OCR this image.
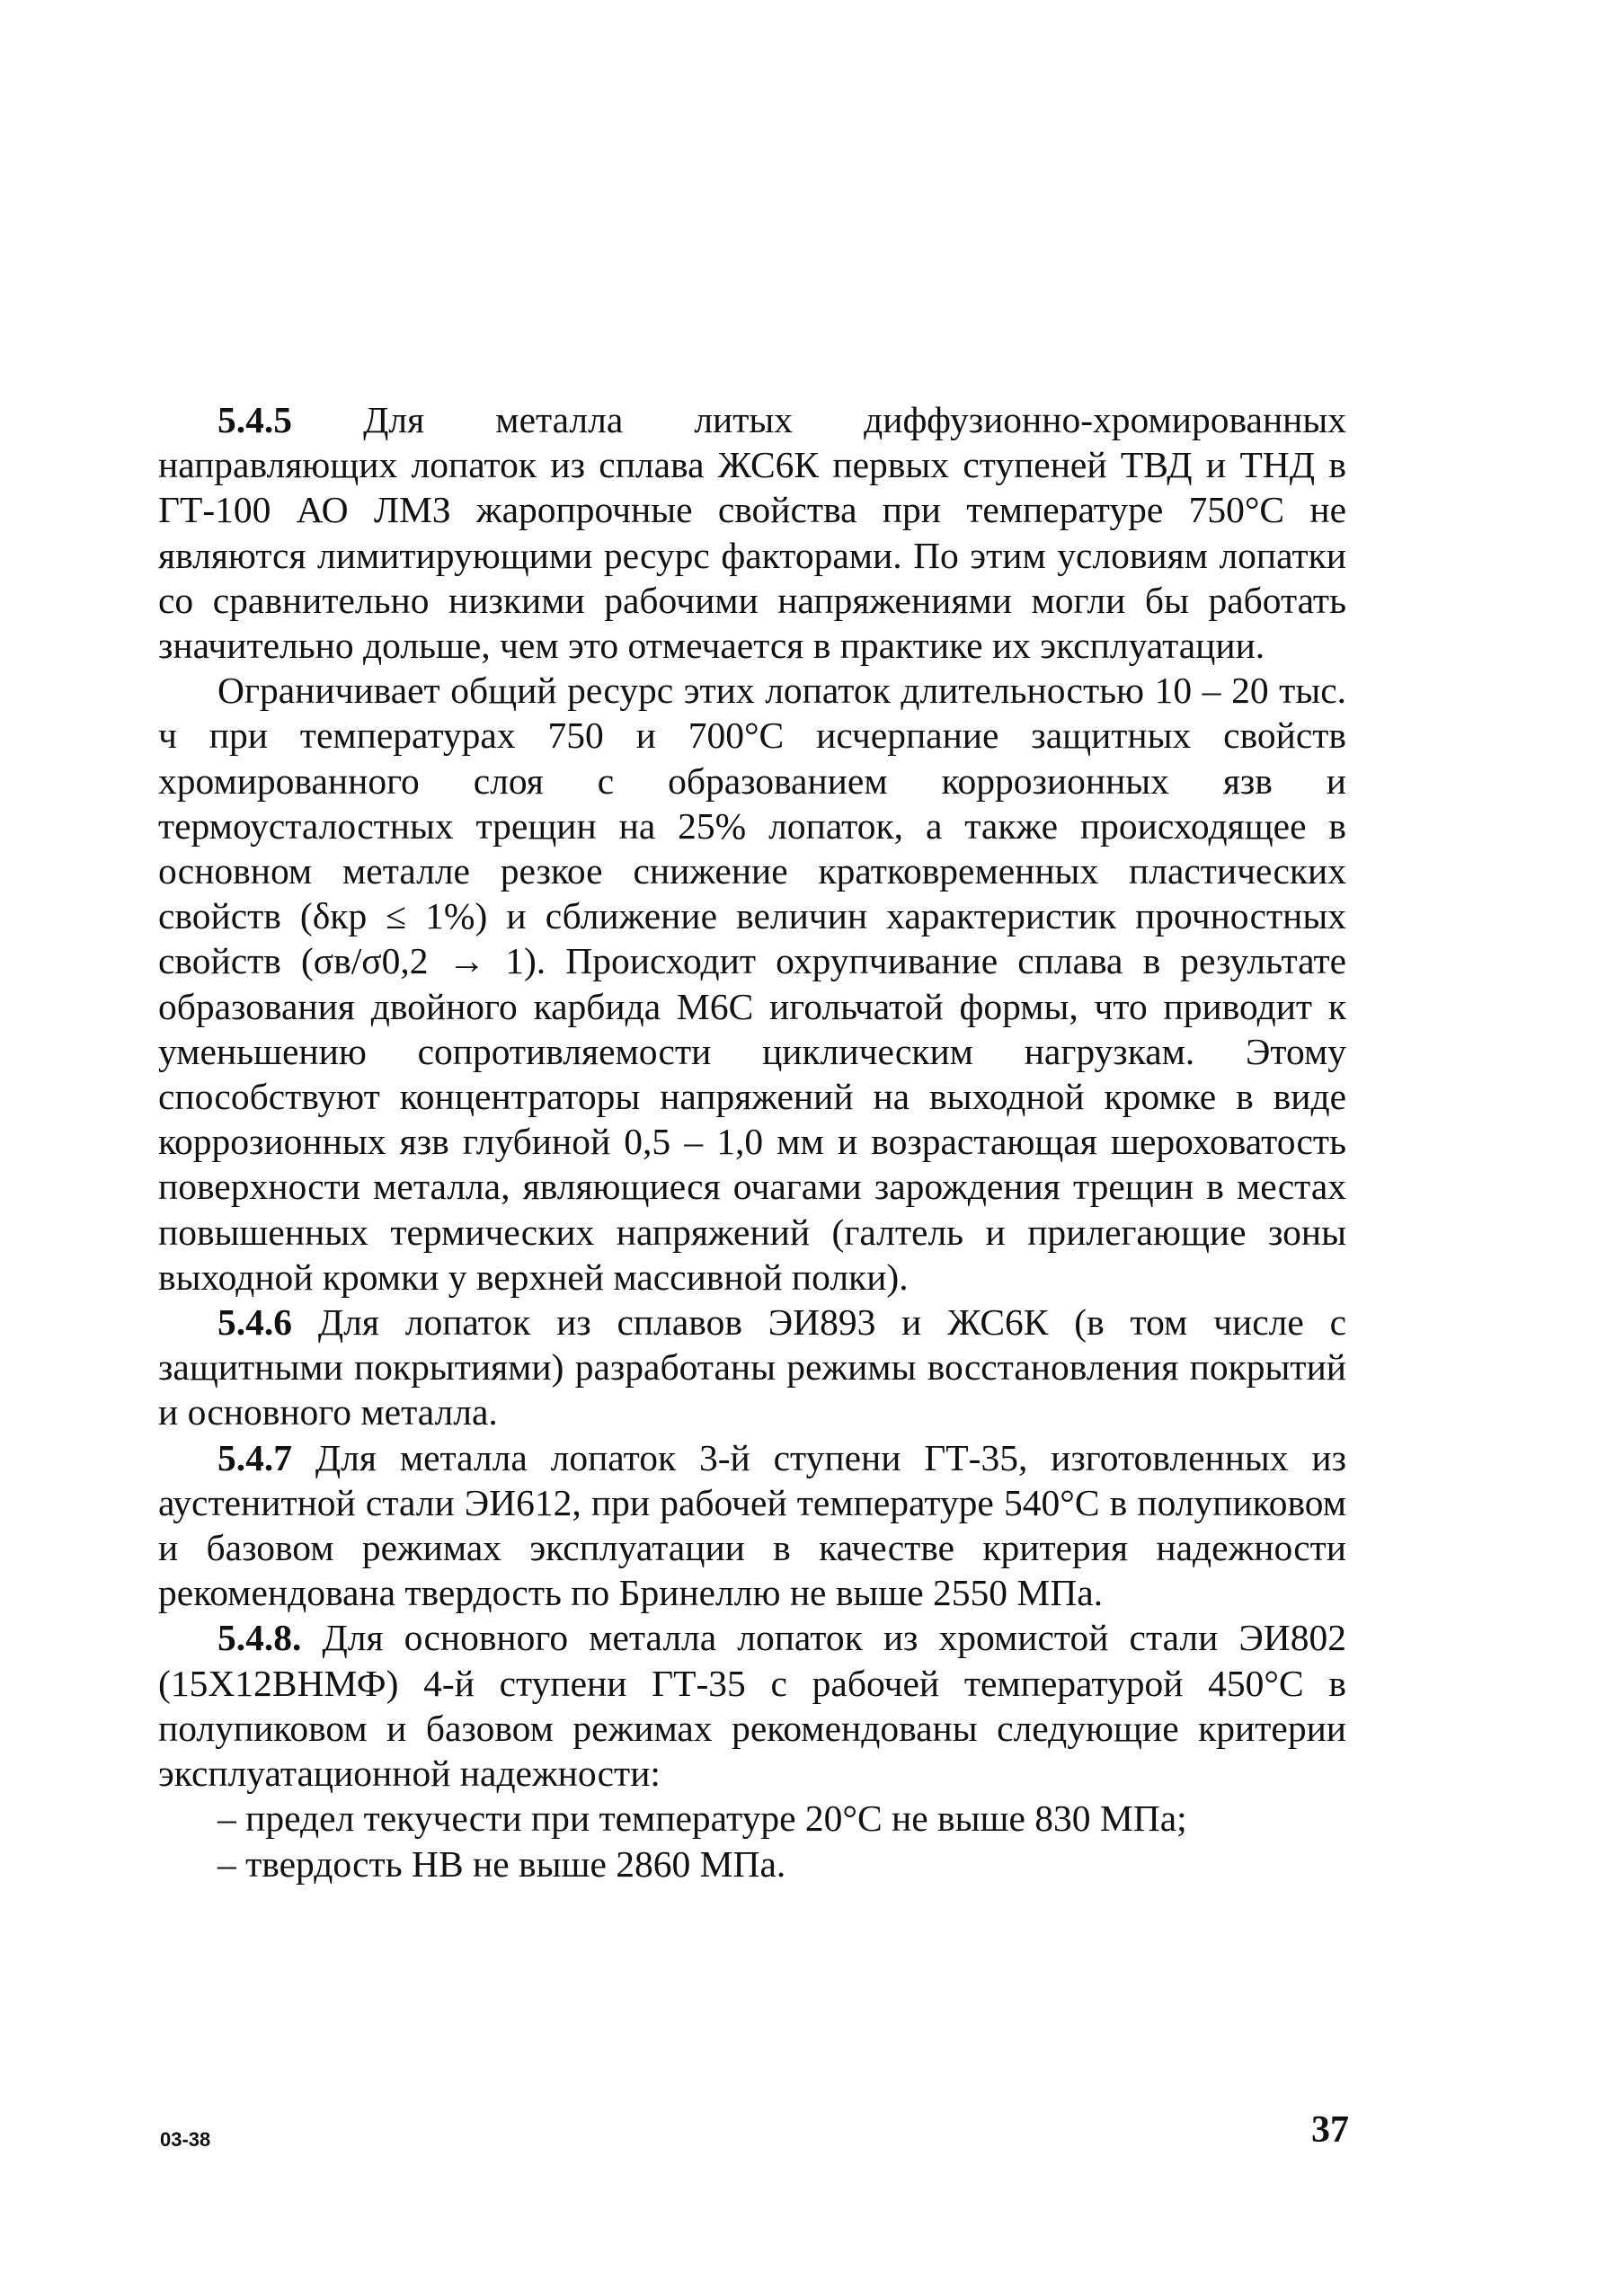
5.4.5 Для металла литых диффузионно-хромированных направляющих лопаток из сплава ЖС6К первых ступеней ТВД и ТНД в ГТ-100 АО ЛМЗ жаропрочные свойства при температуре 750°С не являются лимитирующими ресурс факторами. По этим условиям лопатки со сравнительно низкими рабочими напряжениями могли бы работать значительно дольше, чем это отмечается в практике их эксплуатации.

Ограничивает общий ресурс этих лопаток длительностью 10 – 20 тыс. ч при температурах 750 и 700°С исчерпание защитных свойств хромированного слоя с образованием коррозионных язв и термоусталостных трещин на 25% лопаток, а также происходящее в основном металле резкое снижение кратковременных пластических свойств (δкр ≤ 1%) и сближение величин характеристик прочностных свойств (σв/σ0,2 → 1). Происходит охрупчивание сплава в результате образования двойного карбида M6C игольчатой формы, что приводит к уменьшению сопротивляемости циклическим нагрузкам. Этому способствуют концентраторы напряжений на выходной кромке в виде коррозионных язв глубиной 0,5 – 1,0 мм и возрастающая шероховатость поверхности металла, являющиеся очагами зарождения трещин в местах повышенных термических напряжений (галтель и прилегающие зоны выходной кромки у верхней массивной полки).

5.4.6 Для лопаток из сплавов ЭИ893 и ЖС6К (в том числе с защитными покрытиями) разработаны режимы восстановления покрытий и основного металла.

5.4.7 Для металла лопаток 3-й ступени ГТ-35, изготовленных из аустенитной стали ЭИ612, при рабочей температуре 540°С в полупиковом и базовом режимах эксплуатации в качестве критерия надежности рекомендована твердость по Бринеллю не выше 2550 МПа.

5.4.8. Для основного металла лопаток из хромистой стали ЭИ802 (15Х12ВНМФ) 4-й ступени ГТ-35 с рабочей температурой 450°С в полупиковом и базовом режимах рекомендованы следующие критерии эксплуатационной надежности:

– предел текучести при температуре 20°С не выше 830 МПа;

– твердость НВ не выше 2860 МПа.

03-38	37
